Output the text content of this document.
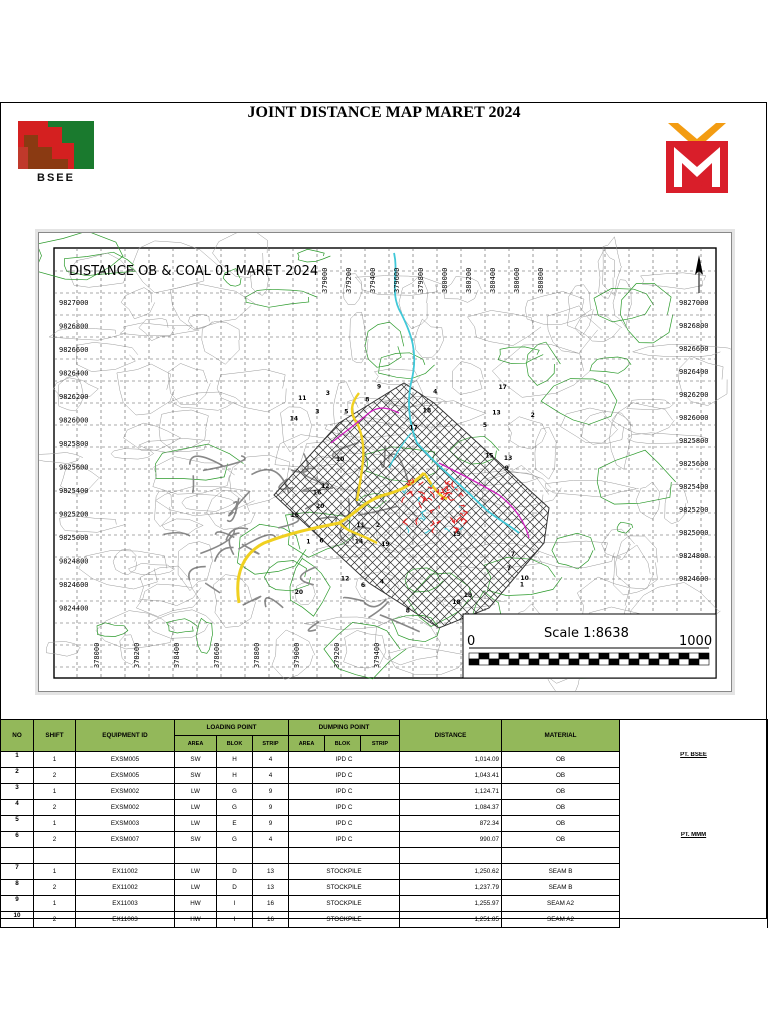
JOINT DISTANCE MAP MARET 2024
BSEE
1
2
3
4
5
6
7
8
9
10
11
12
13
14
15
16
17
18
19
20
1
2
3
4
5
6
7
8
9
10
11
12
13
14
15
16
17
18
19
20
9827000
9826800
9826600
9826400
9826200
9826000
9825800
9825600
9825400
9825200
9825000
9824800
9824600
9824400
9827000
9826800
9826600
9826400
9826200
9826000
9825800
9825600
9825400
9825200
9825000
9824800
9824600
379000 379200 379400 379600 379800 380000 380200 380400 380600 380800
378000	378200	378400	378600	378800	379000	379200	379400
DISTANCE OB & COAL 01 MARET 2024
0
Scale 1:8638
1000
NO	SHIFT	EQUIPMENT ID	LOADING POINT			DUMPING POINT			DISTANCE	MATERIAL	
			AREA	BLOK	STRIP	AREA	BLOK	STRIP			
1	1	EXSM005	SW	H	4	IPD C			1,014.09	OB	PT. BSEE
2	2	EXSM005	SW	H	4	IPD C			1,043.41	OB	
3	1	EXSM002	LW	G	9	IPD C			1,124.71	OB	
4	2	EXSM002	LW	G	9	IPD C			1,084.37	OB	
5	1	EXSM003	LW	E	9	IPD C			872.34	OB	
6	2	EXSM007	SW	G	4	IPD C			990.07	OB	PT. MMM

7	1	EX11002	LW	D	13	STOCKPILE			1,250.62	SEAM B	
8	2	EX11002	LW	D	13	STOCKPILE			1,237.79	SEAM B	
9	1	EX11003	HW	I	16	STOCKPILE			1,255.97	SEAM A2	
10	2	EX11003	HW	I	16	STOCKPILE			1,251.85	SEAM A2	
